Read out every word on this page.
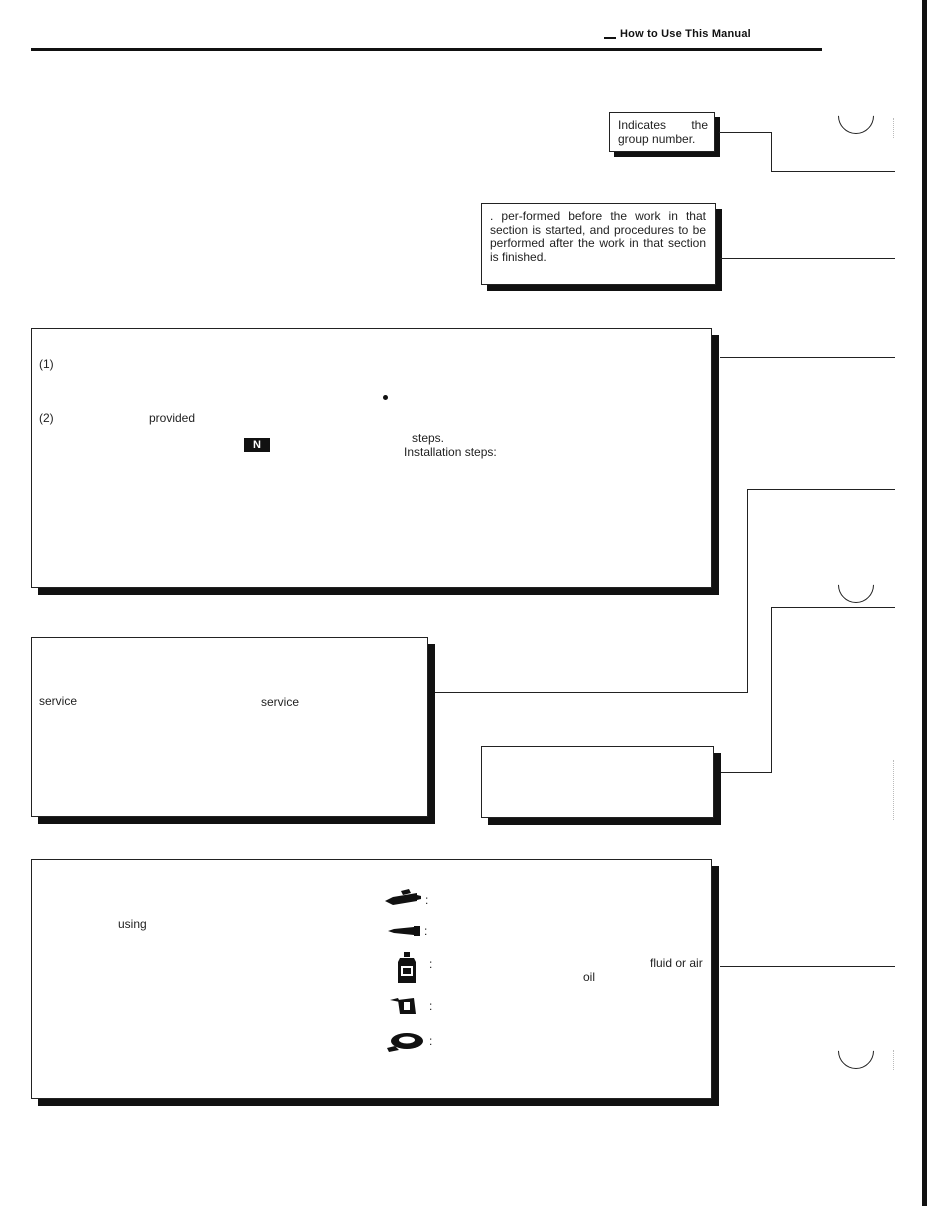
How to Use This Manual
Indicates the group number.
. per-formed before the work in that section is started, and procedures to be performed after the work in that section is finished.
(1)
(2)	provided
N	steps.
Installation steps:
service	service
using
:
:
:	fluid or air
oil
:
:
